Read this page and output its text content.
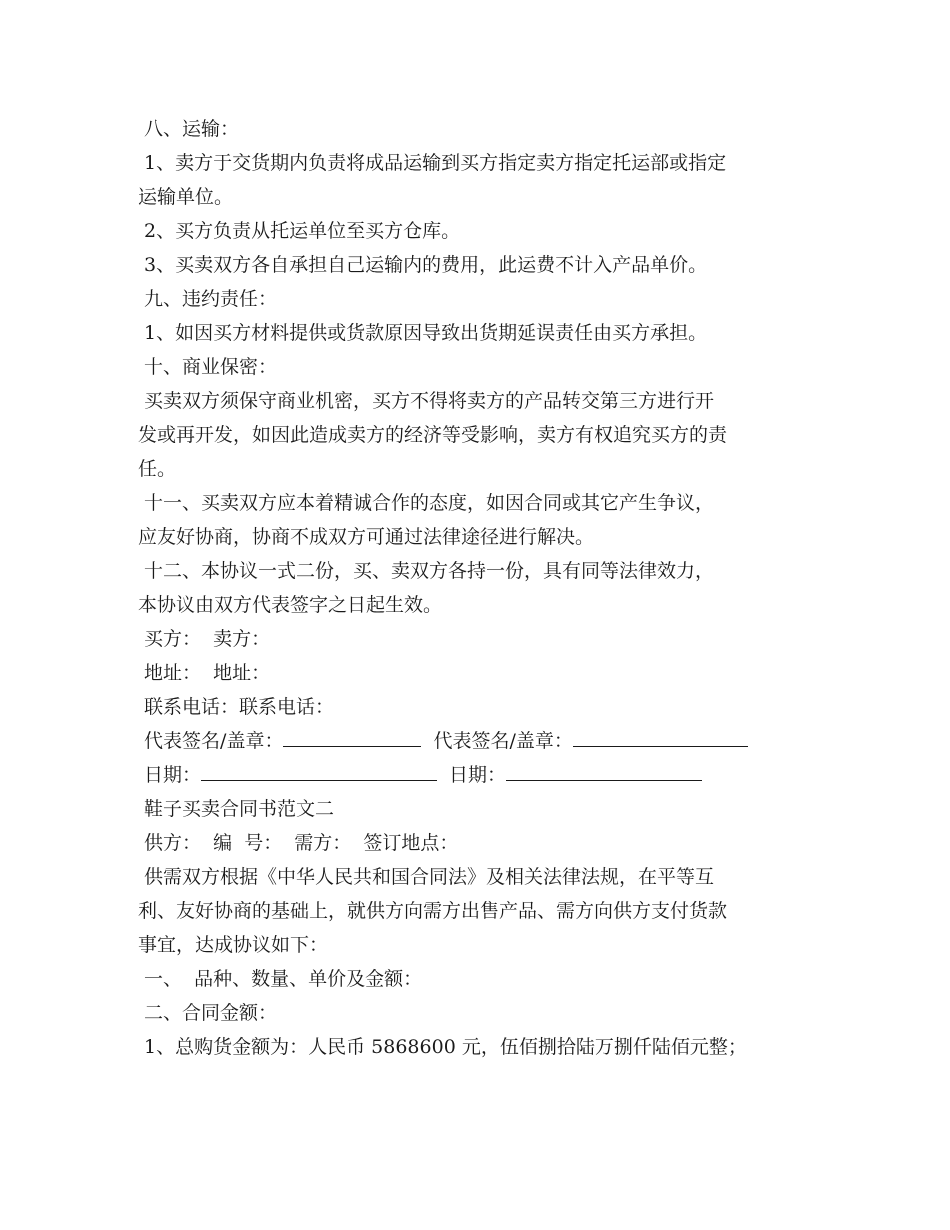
八、运输：
1、卖方于交货期内负责将成品运输到买方指定卖方指定托运部或指定
运输单位。
2、买方负责从托运单位至买方仓库。
3、买卖双方各自承担自己运输内的费用，此运费不计入产品单价。
九、违约责任：
1、如因买方材料提供或货款原因导致出货期延误责任由买方承担。
十、商业保密：
买卖双方须保守商业机密，买方不得将卖方的产品转交第三方进行开
发或再开发，如因此造成卖方的经济等受影响，卖方有权追究买方的责
任。
十一、买卖双方应本着精诚合作的态度，如因合同或其它产生争议，
应友好协商，协商不成双方可通过法律途径进行解决。
十二、本协议一式二份，买、卖双方各持一份，具有同等法律效力，
本协议由双方代表签字之日起生效。
买方：  卖方：
地址：  地址：
联系电话：联系电话：
代表签名/盖章：	代表签名/盖章：
日期：	日期：
鞋子买卖合同书范文二
供方：  编  号：  需方：  签订地点：
供需双方根据《中华人民共和国合同法》及相关法律法规，在平等互
利、友好协商的基础上，就供方向需方出售产品、需方向供方支付货款
事宜，达成协议如下：
一、  品种、数量、单价及金额：
二、合同金额：
1、总购货金额为：人民币 5868600 元，伍佰捌拾陆万捌仟陆佰元整；
